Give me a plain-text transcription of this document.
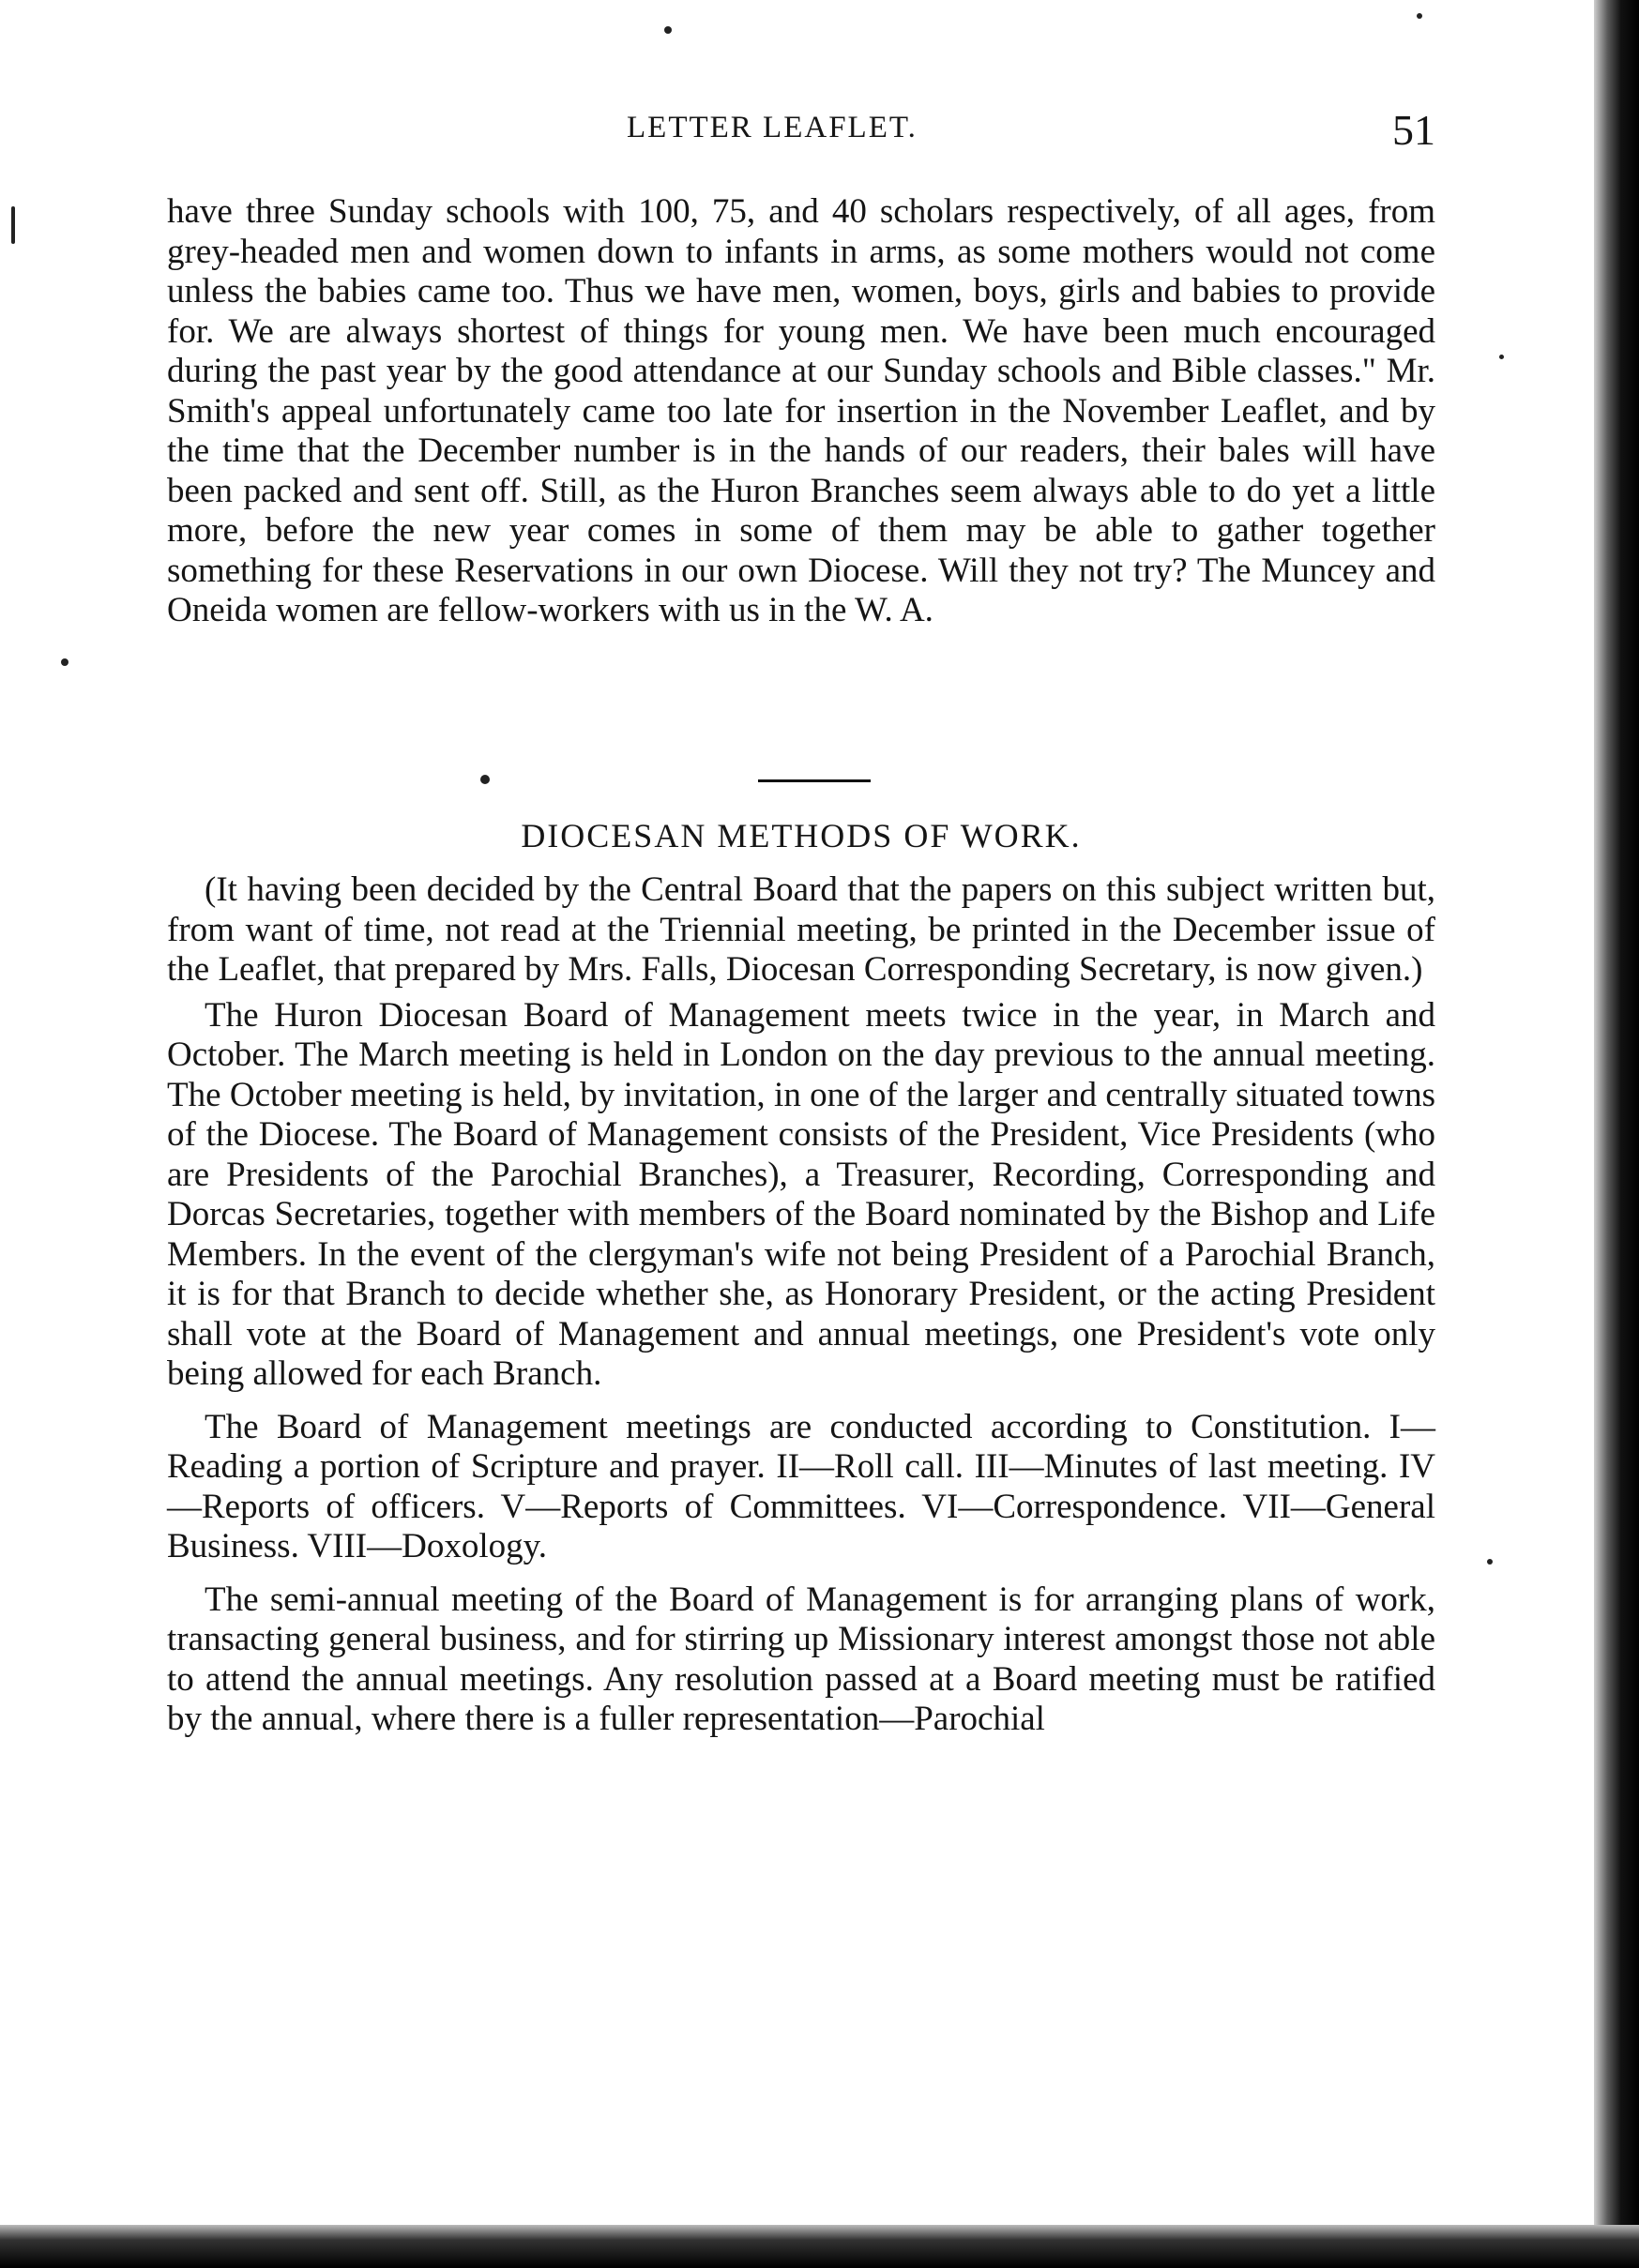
LETTER LEAFLET.	51

have three Sunday schools with 100, 75, and 40 scholars respectively, of all ages, from grey-headed men and women down to infants in arms, as some mothers would not come unless the babies came too. Thus we have men, women, boys, girls and babies to provide for. We are always shortest of things for young men. We have been much encouraged during the past year by the good attendance at our Sunday schools and Bible classes." Mr. Smith's appeal unfortunately came too late for insertion in the November Leaflet, and by the time that the December number is in the hands of our readers, their bales will have been packed and sent off. Still, as the Huron Branches seem always able to do yet a little more, before the new year comes in some of them may be able to gather together something for these Reservations in our own Diocese. Will they not try? The Muncey and Oneida women are fellow-workers with us in the W. A.

DIOCESAN METHODS OF WORK.

(It having been decided by the Central Board that the papers on this subject written but, from want of time, not read at the Triennial meeting, be printed in the December issue of the Leaflet, that prepared by Mrs. Falls, Diocesan Corresponding Secretary, is now given.)

The Huron Diocesan Board of Management meets twice in the year, in March and October. The March meeting is held in London on the day previous to the annual meeting. The October meeting is held, by invitation, in one of the larger and centrally situated towns of the Diocese. The Board of Management consists of the President, Vice Presidents (who are Presidents of the Parochial Branches), a Treasurer, Recording, Corresponding and Dorcas Secretaries, together with members of the Board nominated by the Bishop and Life Members. In the event of the clergyman's wife not being President of a Parochial Branch, it is for that Branch to decide whether she, as Honorary President, or the acting President shall vote at the Board of Management and annual meetings, one President's vote only being allowed for each Branch.

The Board of Management meetings are conducted according to Constitution. I—Reading a portion of Scripture and prayer. II—Roll call. III—Minutes of last meeting. IV—Reports of officers. V—Reports of Committees. VI—Correspondence. VII—General Business. VIII—Doxology.

The semi-annual meeting of the Board of Management is for arranging plans of work, transacting general business, and for stirring up Missionary interest amongst those not able to attend the annual meetings. Any resolution passed at a Board meeting must be ratified by the annual, where there is a fuller representation—Parochial
